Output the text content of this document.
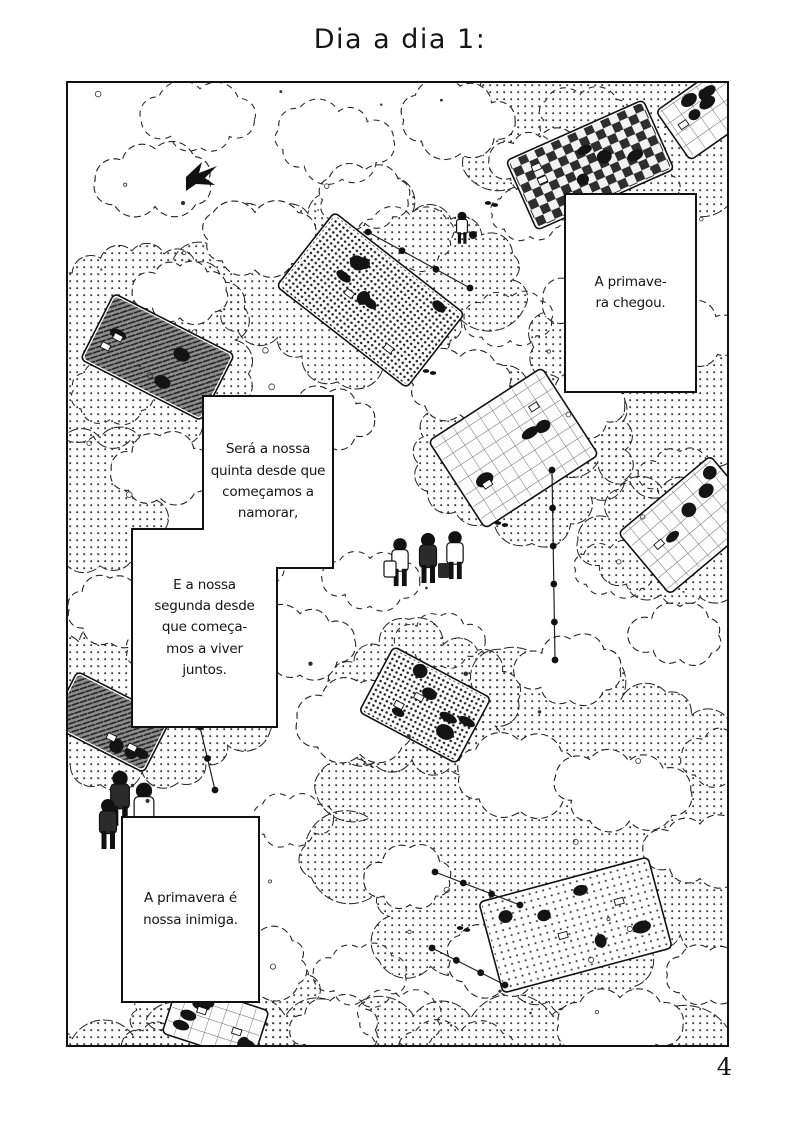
Dia a dia 1:
A primave-
ra chegou.
Será a nossa
quinta desde que
começamos a
namorar,
E a nossa
segunda desde
que começa-
mos a viver
juntos.
A primavera é
nossa inimiga.
4
